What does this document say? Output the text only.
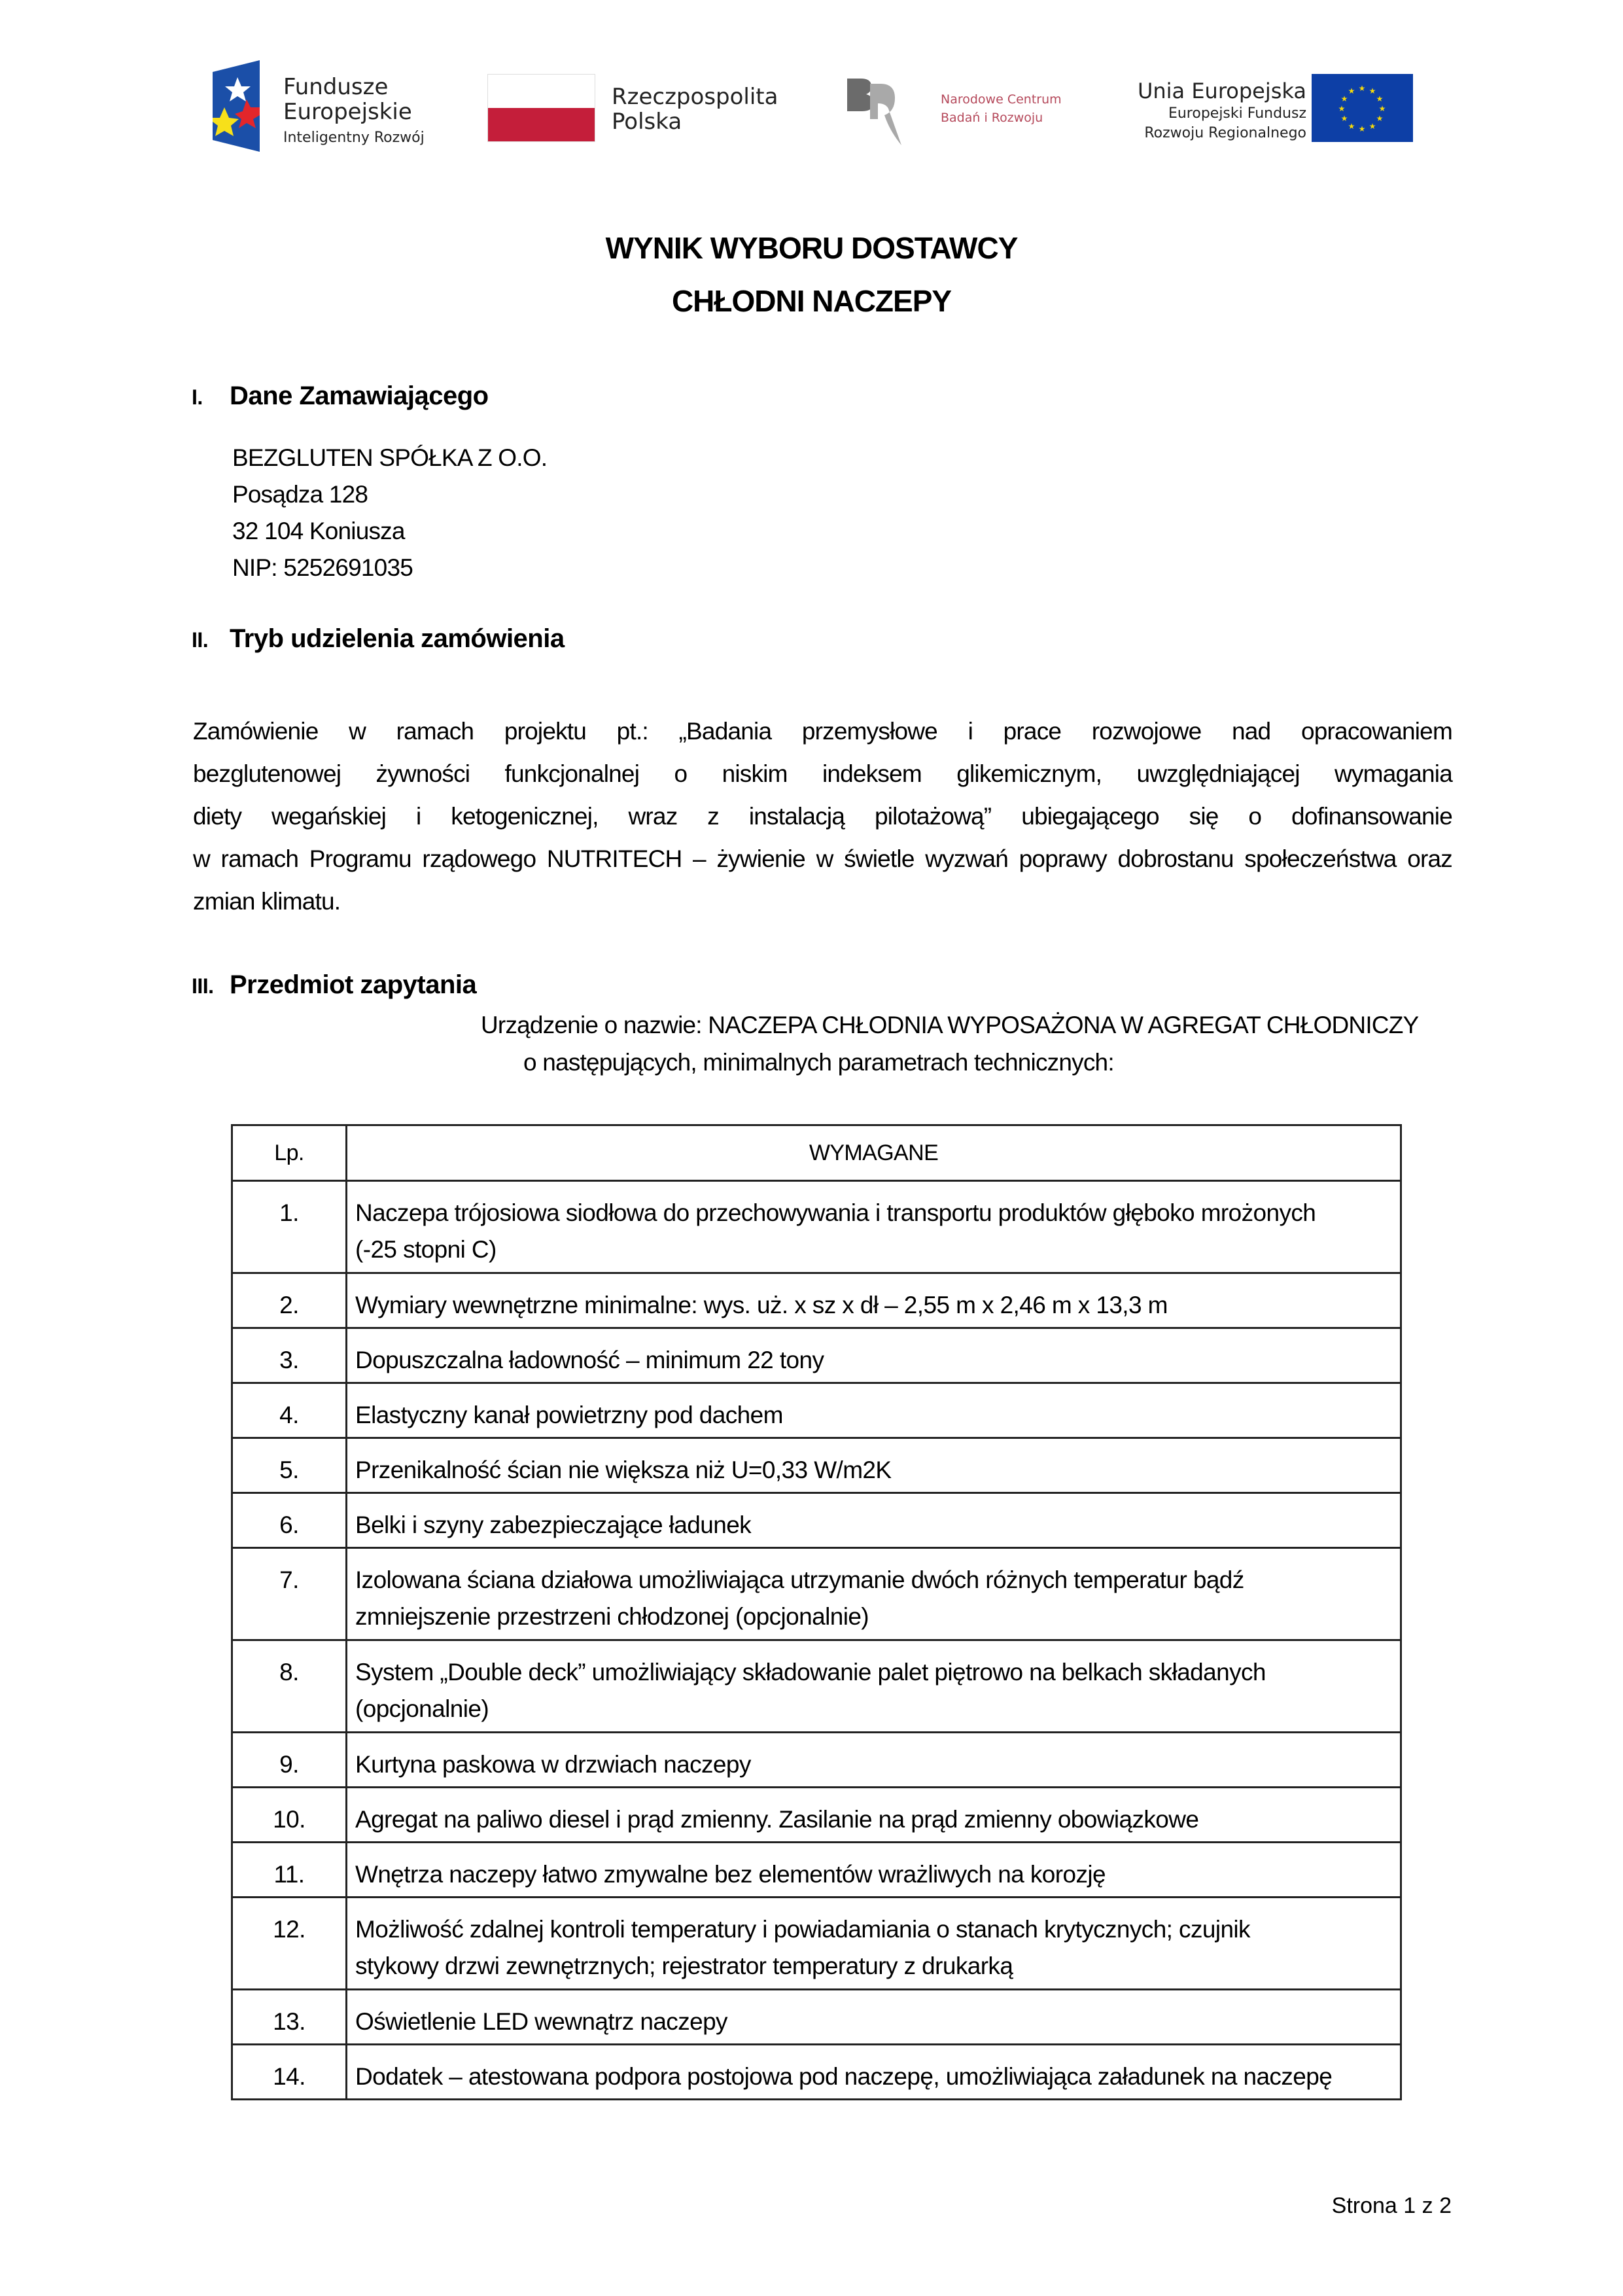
Fundusze
Europejskie
Inteligentny Rozwój
Rzeczpospolita
Polska
Narodowe Centrum
Badań i Rozwoju
Unia Europejska
Europejski Fundusz
Rozwoju Regionalnego
★ ★
★
★
★
★
★
★
★
★
★
★
WYNIK WYBORU DOSTAWCY
CHŁODNI NACZEPY
I. Dane Zamawiającego
BEZGLUTEN SPÓŁKA Z O.O.
Posądza 128
32 104 Koniusza
NIP: 5252691035
II. Tryb udzielenia zamówienia
Zamówienie w ramach projektu pt.: „Badania przemysłowe i prace rozwojowe nad opracowaniem
bezglutenowej żywności funkcjonalnej o niskim indeksem glikemicznym, uwzględniającej wymagania
diety wegańskiej i ketogenicznej, wraz z instalacją pilotażową” ubiegającego się o dofinansowanie
w ramach Programu rządowego NUTRITECH – żywienie w świetle wyzwań poprawy dobrostanu społeczeństwa oraz
zmian klimatu.
III. Przedmiot zapytania
Urządzenie o nazwie: NACZEPA CHŁODNIA WYPOSAŻONA W AGREGAT CHŁODNICZY
o następujących, minimalnych parametrach technicznych:
Lp.	WYMAGANE
1.	Naczepa trójosiowa siodłowa do przechowywania i transportu produktów głęboko mrożonych
(-25 stopni C)

2.	Wymiary wewnętrzne minimalne: wys. uż. x sz x dł – 2,55 m x 2,46 m x 13,3 m

3.	Dopuszczalna ładowność – minimum 22 tony

4.	Elastyczny kanał powietrzny pod dachem

5.	Przenikalność ścian nie większa niż U=0,33 W/m2K

6.	Belki i szyny zabezpieczające ładunek

7.	Izolowana ściana działowa umożliwiająca utrzymanie dwóch różnych temperatur bądź
zmniejszenie przestrzeni chłodzonej (opcjonalnie)

8.	System „Double deck” umożliwiający składowanie palet piętrowo na belkach składanych
(opcjonalnie)

9.	Kurtyna paskowa w drzwiach naczepy

10.	Agregat na paliwo diesel i prąd zmienny. Zasilanie na prąd zmienny obowiązkowe

11.	Wnętrza naczepy łatwo zmywalne bez elementów wrażliwych na korozję

12.	Możliwość zdalnej kontroli temperatury i powiadamiania o stanach krytycznych; czujnik
stykowy drzwi zewnętrznych; rejestrator temperatury z drukarką

13.	Oświetlenie LED wewnątrz naczepy

14.	Dodatek – atestowana podpora postojowa pod naczepę, umożliwiająca załadunek na naczepę
Strona 1 z 2
